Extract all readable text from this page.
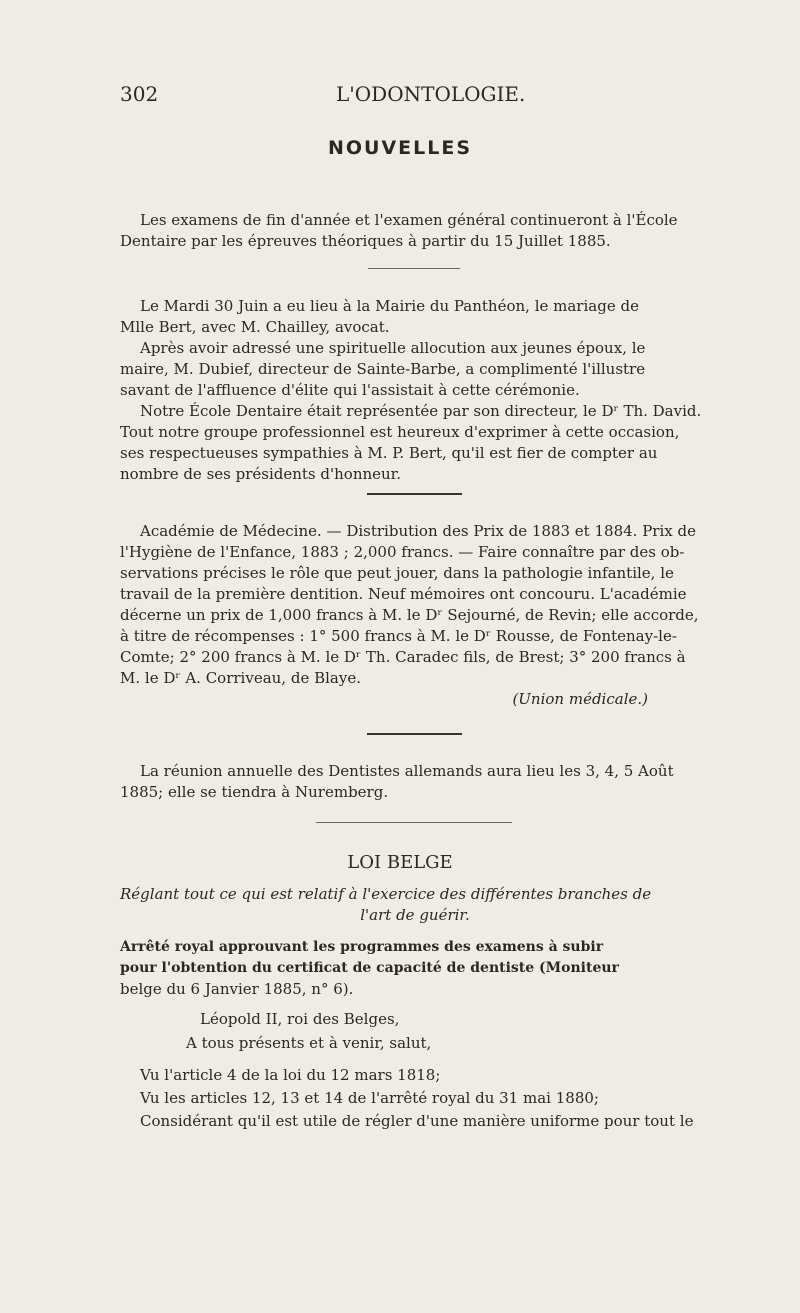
302	L'ODONTOLOGIE.
NOUVELLES
Les examens de fin d'année et l'examen général continueront à l'École
Dentaire par les épreuves théoriques à partir du 15 Juillet 1885.
Le Mardi 30 Juin a eu lieu à la Mairie du Panthéon, le mariage de
Mlle Bert, avec M. Chailley, avocat.
Après avoir adressé une spirituelle allocution aux jeunes époux, le
maire, M. Dubief, directeur de Sainte-Barbe, a complimenté l'illustre
savant de l'affluence d'élite qui l'assistait à cette cérémonie.
Notre École Dentaire était représentée par son directeur, le Dʳ Th. David.
Tout notre groupe professionnel est heureux d'exprimer à cette occasion,
ses respectueuses sympathies à M. P. Bert, qu'il est fier de compter au
nombre de ses présidents d'honneur.
Académie de Médecine. — Distribution des Prix de 1883 et 1884. Prix de
l'Hygiène de l'Enfance, 1883 ; 2,000 francs. — Faire connaître par des ob-
servations précises le rôle que peut jouer, dans la pathologie infantile, le
travail de la première dentition. Neuf mémoires ont concouru. L'académie
décerne un prix de 1,000 francs à M. le Dʳ Sejourné, de Revin; elle accorde,
à titre de récompenses : 1° 500 francs à M. le Dʳ Rousse, de Fontenay-le-
Comte; 2° 200 francs à M. le Dʳ Th. Caradec fils, de Brest; 3° 200 francs à
M. le Dʳ A. Corriveau, de Blaye.
(Union médicale.)
La réunion annuelle des Dentistes allemands aura lieu les 3, 4, 5 Août
1885; elle se tiendra à Nuremberg.
LOI BELGE
Réglant tout ce qui est relatif à l'exercice des différentes branches de
l'art de guérir.
Arrêté royal approuvant les programmes des examens à subir
pour l'obtention du certificat de capacité de dentiste (Moniteur
belge du 6 Janvier 1885, n° 6).
Léopold II, roi des Belges,
A tous présents et à venir, salut,
Vu l'article 4 de la loi du 12 mars 1818;
Vu les articles 12, 13 et 14 de l'arrêté royal du 31 mai 1880;
Considérant qu'il est utile de régler d'une manière uniforme pour tout le
